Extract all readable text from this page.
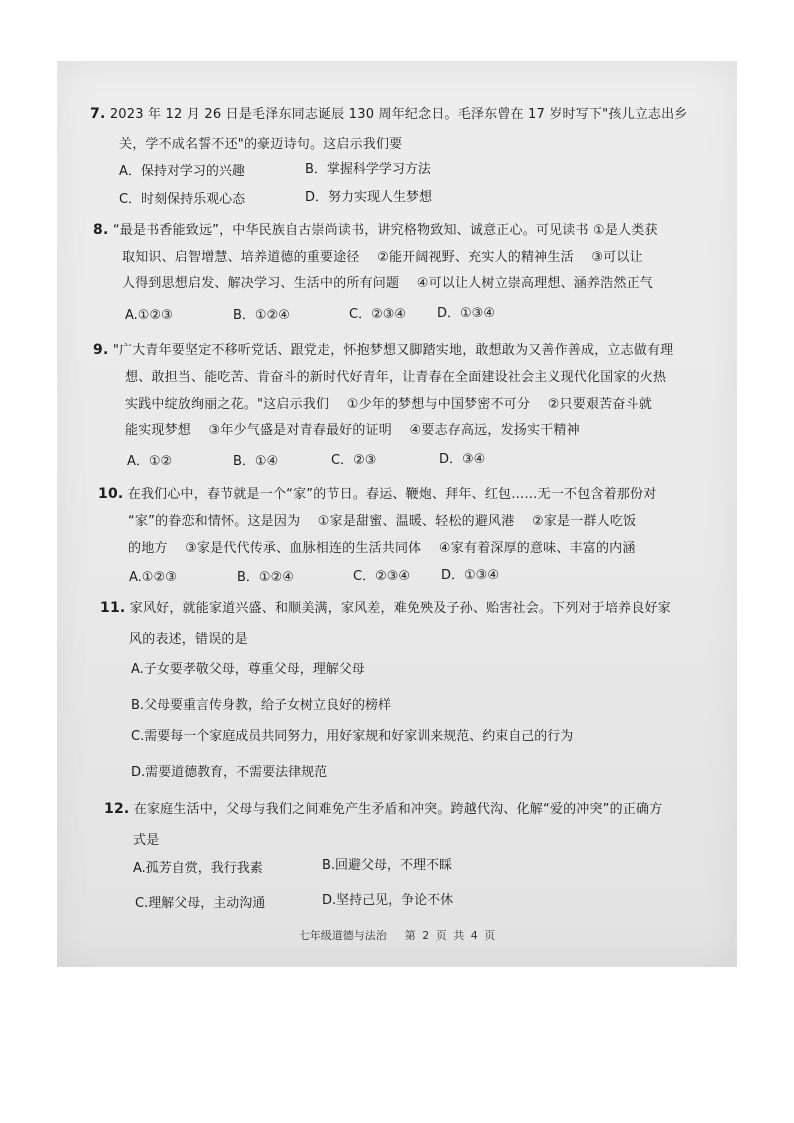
7. 2023 年 12 月 26 日是毛泽东同志诞辰 130 周年纪念日。毛泽东曾在 17 岁时写下"孩儿立志出乡
关，学不成名誓不还"的豪迈诗句。这启示我们要
A．保持对学习的兴趣	B．掌握科学学习方法
C．时刻保持乐观心态	D．努力实现人生梦想
8. “最是书香能致远”，中华民族自古崇尚读书，讲究格物致知、诚意正心。可见读书 ①是人类获
取知识、启智增慧、培养道德的重要途径　 ②能开阔视野、充实人的精神生活　 ③可以让
人得到思想启发、解决学习、生活中的所有问题　 ④可以让人树立崇高理想、涵养浩然正气
A.①②③	B．①②④	C．②③④ D．①③④
9. "广大青年要坚定不移听党话、跟党走，怀抱梦想又脚踏实地，敢想敢为又善作善成，立志做有理
想、敢担当、能吃苦、肯奋斗的新时代好青年，让青春在全面建设社会主义现代化国家的火热
实践中绽放绚丽之花。"这启示我们　 ①少年的梦想与中国梦密不可分　 ②只要艰苦奋斗就
能实现梦想　 ③年少气盛是对青春最好的证明　 ④要志存高远，发扬实干精神
A．①②	B．①④	C．②③	D．③④
10. 在我们心中，春节就是一个“家”的节日。春运、鞭炮、拜年、红包……无一不包含着那份对
“家”的眷恋和情怀。这是因为　 ①家是甜蜜、温暖、轻松的避风港　 ②家是一群人吃饭
的地方　 ③家是代代传承、血脉相连的生活共同体　 ④家有着深厚的意味、丰富的内涵
A.①②③	B．①②④	C．②③④ D．①③④
11. 家风好，就能家道兴盛、和顺美满，家风差，难免殃及子孙、贻害社会。下列对于培养良好家
风的表述，错误的是
A.子女要孝敬父母，尊重父母，理解父母
B.父母要重言传身教，给子女树立良好的榜样
C.需要每一个家庭成员共同努力，用好家规和好家训来规范、约束自己的行为
D.需要道德教育，不需要法律规范
12. 在家庭生活中，父母与我们之间难免产生矛盾和冲突。跨越代沟、化解“爱的冲突”的正确方
式是
A.孤芳自赏，我行我素	B.回避父母，不理不睬
C.理解父母，主动沟通	D.坚持己见，争论不休
七年级道德与法治 第 2 页 共 4 页
